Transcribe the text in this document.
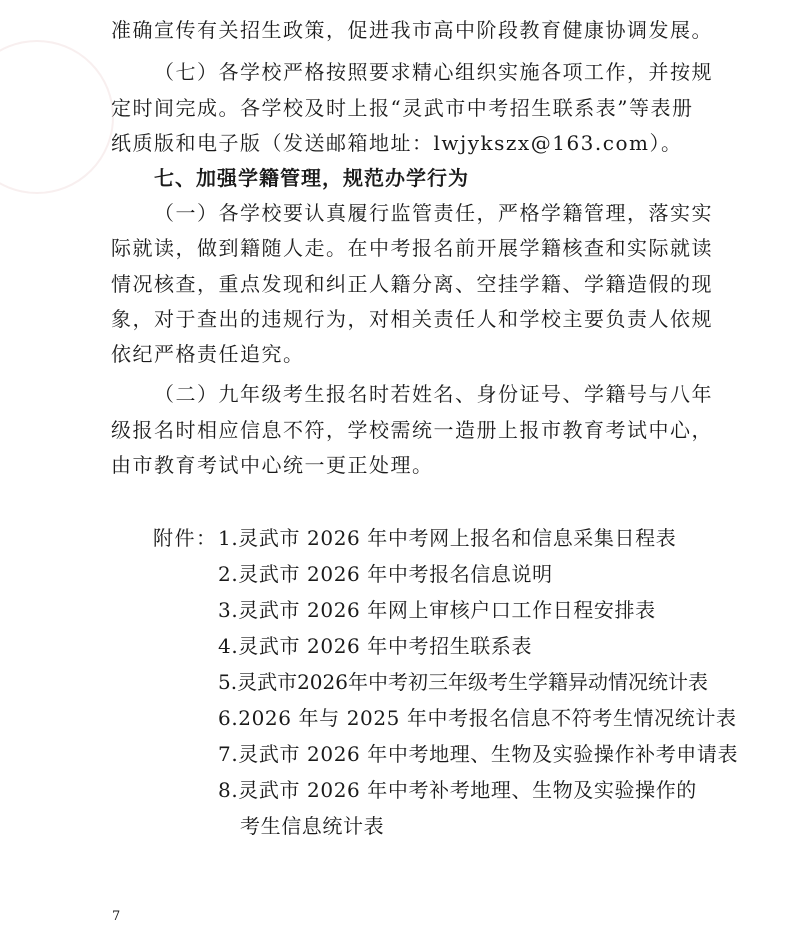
准确宣传有关招生政策，促进我市高中阶段教育健康协调发展。
（七）各学校严格按照要求精心组织实施各项工作，并按规
定时间完成。各学校及时上报“灵武市中考招生联系表”等表册
纸质版和电子版（发送邮箱地址：lwjykszx@163.com）。
七、加强学籍管理，规范办学行为
（一）各学校要认真履行监管责任，严格学籍管理，落实实
际就读，做到籍随人走。在中考报名前开展学籍核查和实际就读
情况核查，重点发现和纠正人籍分离、空挂学籍、学籍造假的现
象，对于查出的违规行为，对相关责任人和学校主要负责人依规
依纪严格责任追究。
（二）九年级考生报名时若姓名、身份证号、学籍号与八年
级报名时相应信息不符，学校需统一造册上报市教育考试中心，
由市教育考试中心统一更正处理。
附件： 1.灵武市 2026 年中考网上报名和信息采集日程表
2.灵武市 2026 年中考报名信息说明
3.灵武市 2026 年网上审核户口工作日程安排表
4.灵武市 2026 年中考招生联系表
5.灵武市2026年中考初三年级考生学籍异动情况统计表
6.2026 年与 2025 年中考报名信息不符考生情况统计表
7.灵武市 2026 年中考地理、生物及实验操作补考申请表
8.灵武市 2026 年中考补考地理、生物及实验操作的
考生信息统计表
7
